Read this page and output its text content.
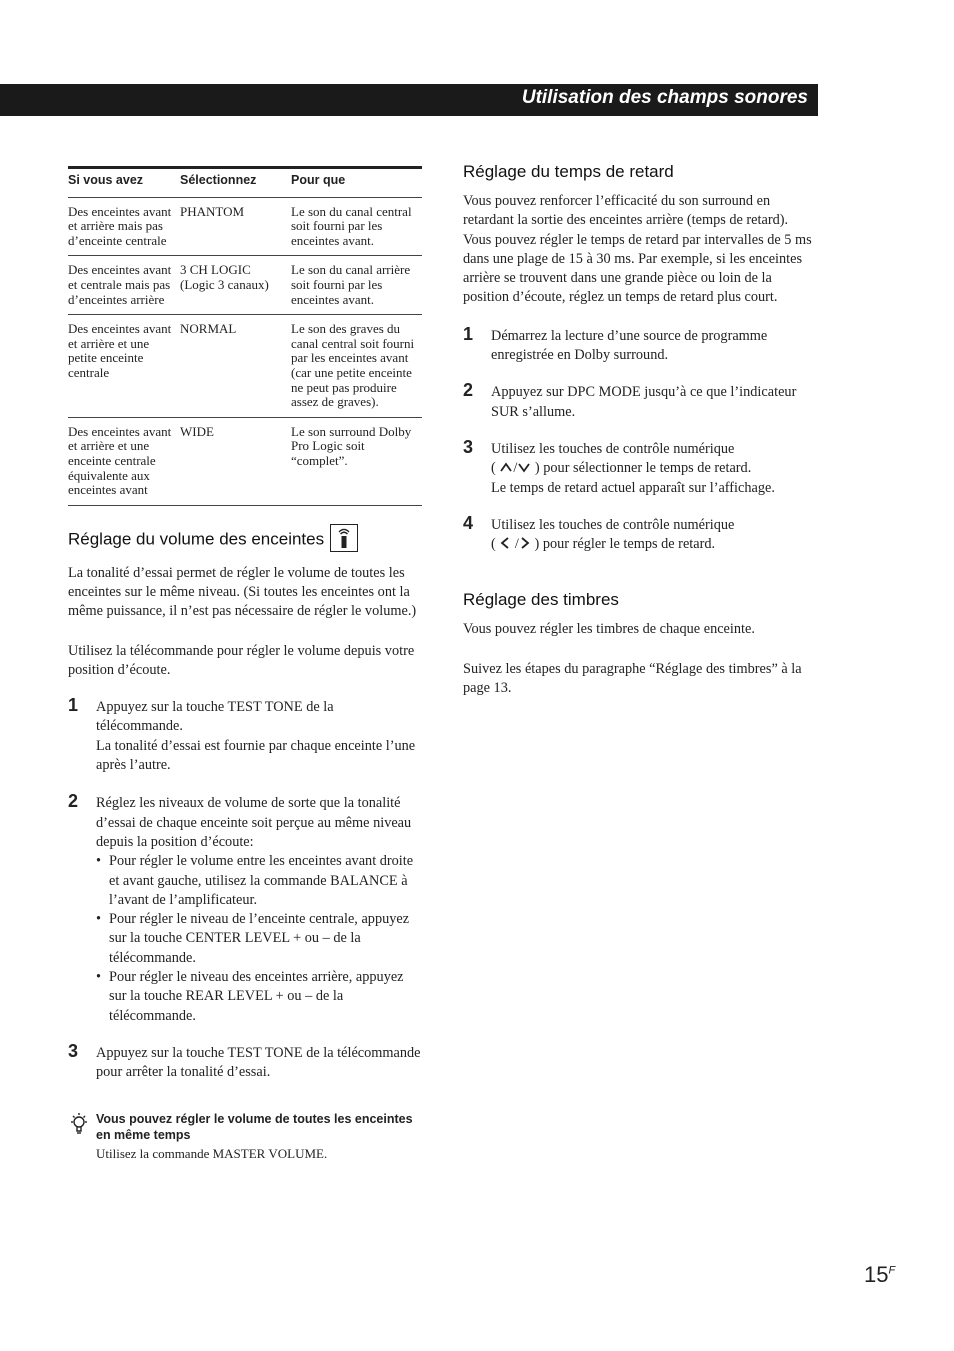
Utilisation des champs sonores
Si vous avez	Sélectionnez	Pour que
Des enceintes avant et arrière mais pas d’enceinte centrale	PHANTOM	Le son du canal central soit fourni par les enceintes avant.
Des enceintes avant et centrale mais pas d’enceintes arrière	3 CH LOGIC (Logic 3 canaux)	Le son du canal arrière soit fourni par les enceintes avant.
Des enceintes avant et arrière et une petite enceinte centrale	NORMAL	Le son des graves du canal central soit fourni par les enceintes avant (car une petite enceinte ne peut pas produire assez de graves).
Des enceintes avant et arrière et une enceinte centrale équivalente aux enceintes avant	WIDE	Le son surround Dolby Pro Logic soit “complet”.
Réglage du volume des enceintes

La tonalité d’essai permet de régler le volume de toutes les enceintes sur le même niveau. (Si toutes les enceintes ont la même puissance, il n’est pas nécessaire de régler le volume.)

Utilisez la télécommande pour régler le volume depuis votre position d’écoute.

1 Appuyez sur la touche TEST TONE de la télécommande.
La tonalité d’essai est fournie par chaque enceinte l’une après l’autre.
2 Réglez les niveaux de volume de sorte que la tonalité d’essai de chaque enceinte soit perçue au même niveau depuis la position d’écoute:
• Pour régler le volume entre les enceintes avant droite et avant gauche, utilisez la commande BALANCE à l’avant de l’amplificateur.
• Pour régler le niveau de l’enceinte centrale, appuyez sur la touche CENTER LEVEL + ou – de la télécommande.
• Pour régler le niveau des enceintes arrière, appuyez sur la touche REAR LEVEL + ou – de la télécommande.
3 Appuyez sur la touche TEST TONE de la télécommande pour arrêter la tonalité d’essai.
Vous pouvez régler le volume de toutes les enceintes en même temps
Utilisez la commande MASTER VOLUME.
Réglage du temps de retard

Vous pouvez renforcer l’efficacité du son surround en retardant la sortie des enceintes arrière (temps de retard). Vous pouvez régler le temps de retard par intervalles de 5 ms dans une plage de 15 à 30 ms. Par exemple, si les enceintes arrière se trouvent dans une grande pièce ou loin de la position d’écoute, réglez un temps de retard plus court.

1 Démarrez la lecture d’une source de programme enregistrée en Dolby surround.
2 Appuyez sur DPC MODE jusqu’à ce que l’indicateur SUR s’allume.
3 Utilisez les touches de contrôle numérique
( / ) pour sélectionner le temps de retard.
Le temps de retard actuel apparaît sur l’affichage.
4 Utilisez les touches de contrôle numérique
(  / ) pour régler le temps de retard.
Réglage des timbres

Vous pouvez régler les timbres de chaque enceinte.

Suivez les étapes du paragraphe “Réglage des timbres” à la page 13.

$15^F$
